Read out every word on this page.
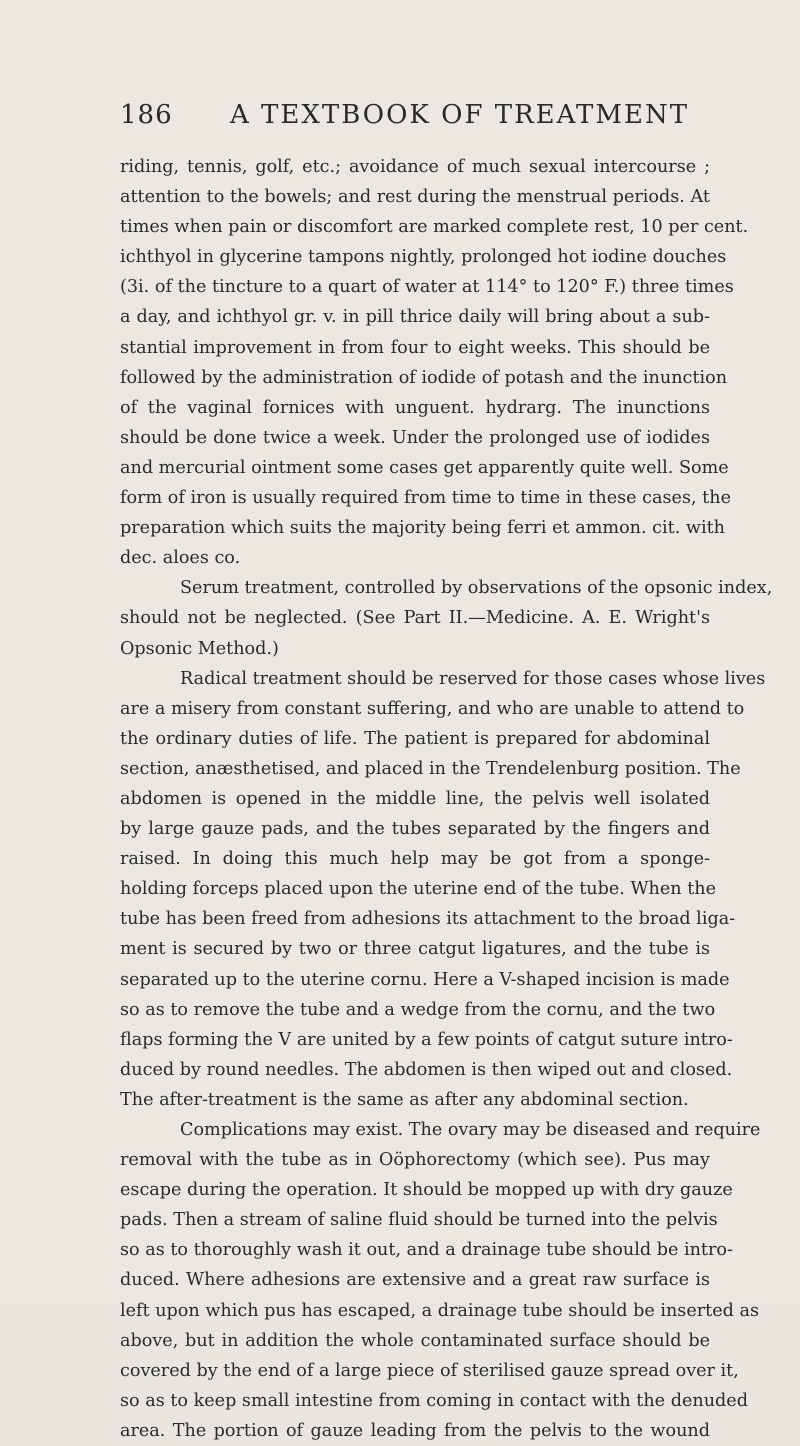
186 A TEXTBOOK OF TREATMENT
riding, tennis, golf, etc.; avoidance of much sexual intercourse ;
attention to the bowels; and rest during the menstrual periods. At
times when pain or discomfort are marked complete rest, 10 per cent.
ichthyol in glycerine tampons nightly, prolonged hot iodine douches
(3i. of the tincture to a quart of water at 114° to 120° F.) three times
a day, and ichthyol gr. v. in pill thrice daily will bring about a sub-
stantial improvement in from four to eight weeks. This should be
followed by the administration of iodide of potash and the inunction
of the vaginal fornices with unguent. hydrarg. The inunctions
should be done twice a week. Under the prolonged use of iodides
and mercurial ointment some cases get apparently quite well. Some
form of iron is usually required from time to time in these cases, the
preparation which suits the majority being ferri et ammon. cit. with
dec. aloes co.
Serum treatment, controlled by observations of the opsonic index,
should not be neglected. (See Part II.—Medicine. A. E. Wright's
Opsonic Method.)
Radical treatment should be reserved for those cases whose lives
are a misery from constant suffering, and who are unable to attend to
the ordinary duties of life. The patient is prepared for abdominal
section, anæsthetised, and placed in the Trendelenburg position. The
abdomen is opened in the middle line, the pelvis well isolated
by large gauze pads, and the tubes separated by the fingers and
raised. In doing this much help may be got from a sponge-
holding forceps placed upon the uterine end of the tube. When the
tube has been freed from adhesions its attachment to the broad liga-
ment is secured by two or three catgut ligatures, and the tube is
separated up to the uterine cornu. Here a V-shaped incision is made
so as to remove the tube and a wedge from the cornu, and the two
flaps forming the V are united by a few points of catgut suture intro-
duced by round needles. The abdomen is then wiped out and closed.
The after-treatment is the same as after any abdominal section.
Complications may exist. The ovary may be diseased and require
removal with the tube as in Oöphorectomy (which see). Pus may
escape during the operation. It should be mopped up with dry gauze
pads. Then a stream of saline fluid should be turned into the pelvis
so as to thoroughly wash it out, and a drainage tube should be intro-
duced. Where adhesions are extensive and a great raw surface is
left upon which pus has escaped, a drainage tube should be inserted as
above, but in addition the whole contaminated surface should be
covered by the end of a large piece of sterilised gauze spread over it,
so as to keep small intestine from coming in contact with the denuded
area. The portion of gauze leading from the pelvis to the wound
